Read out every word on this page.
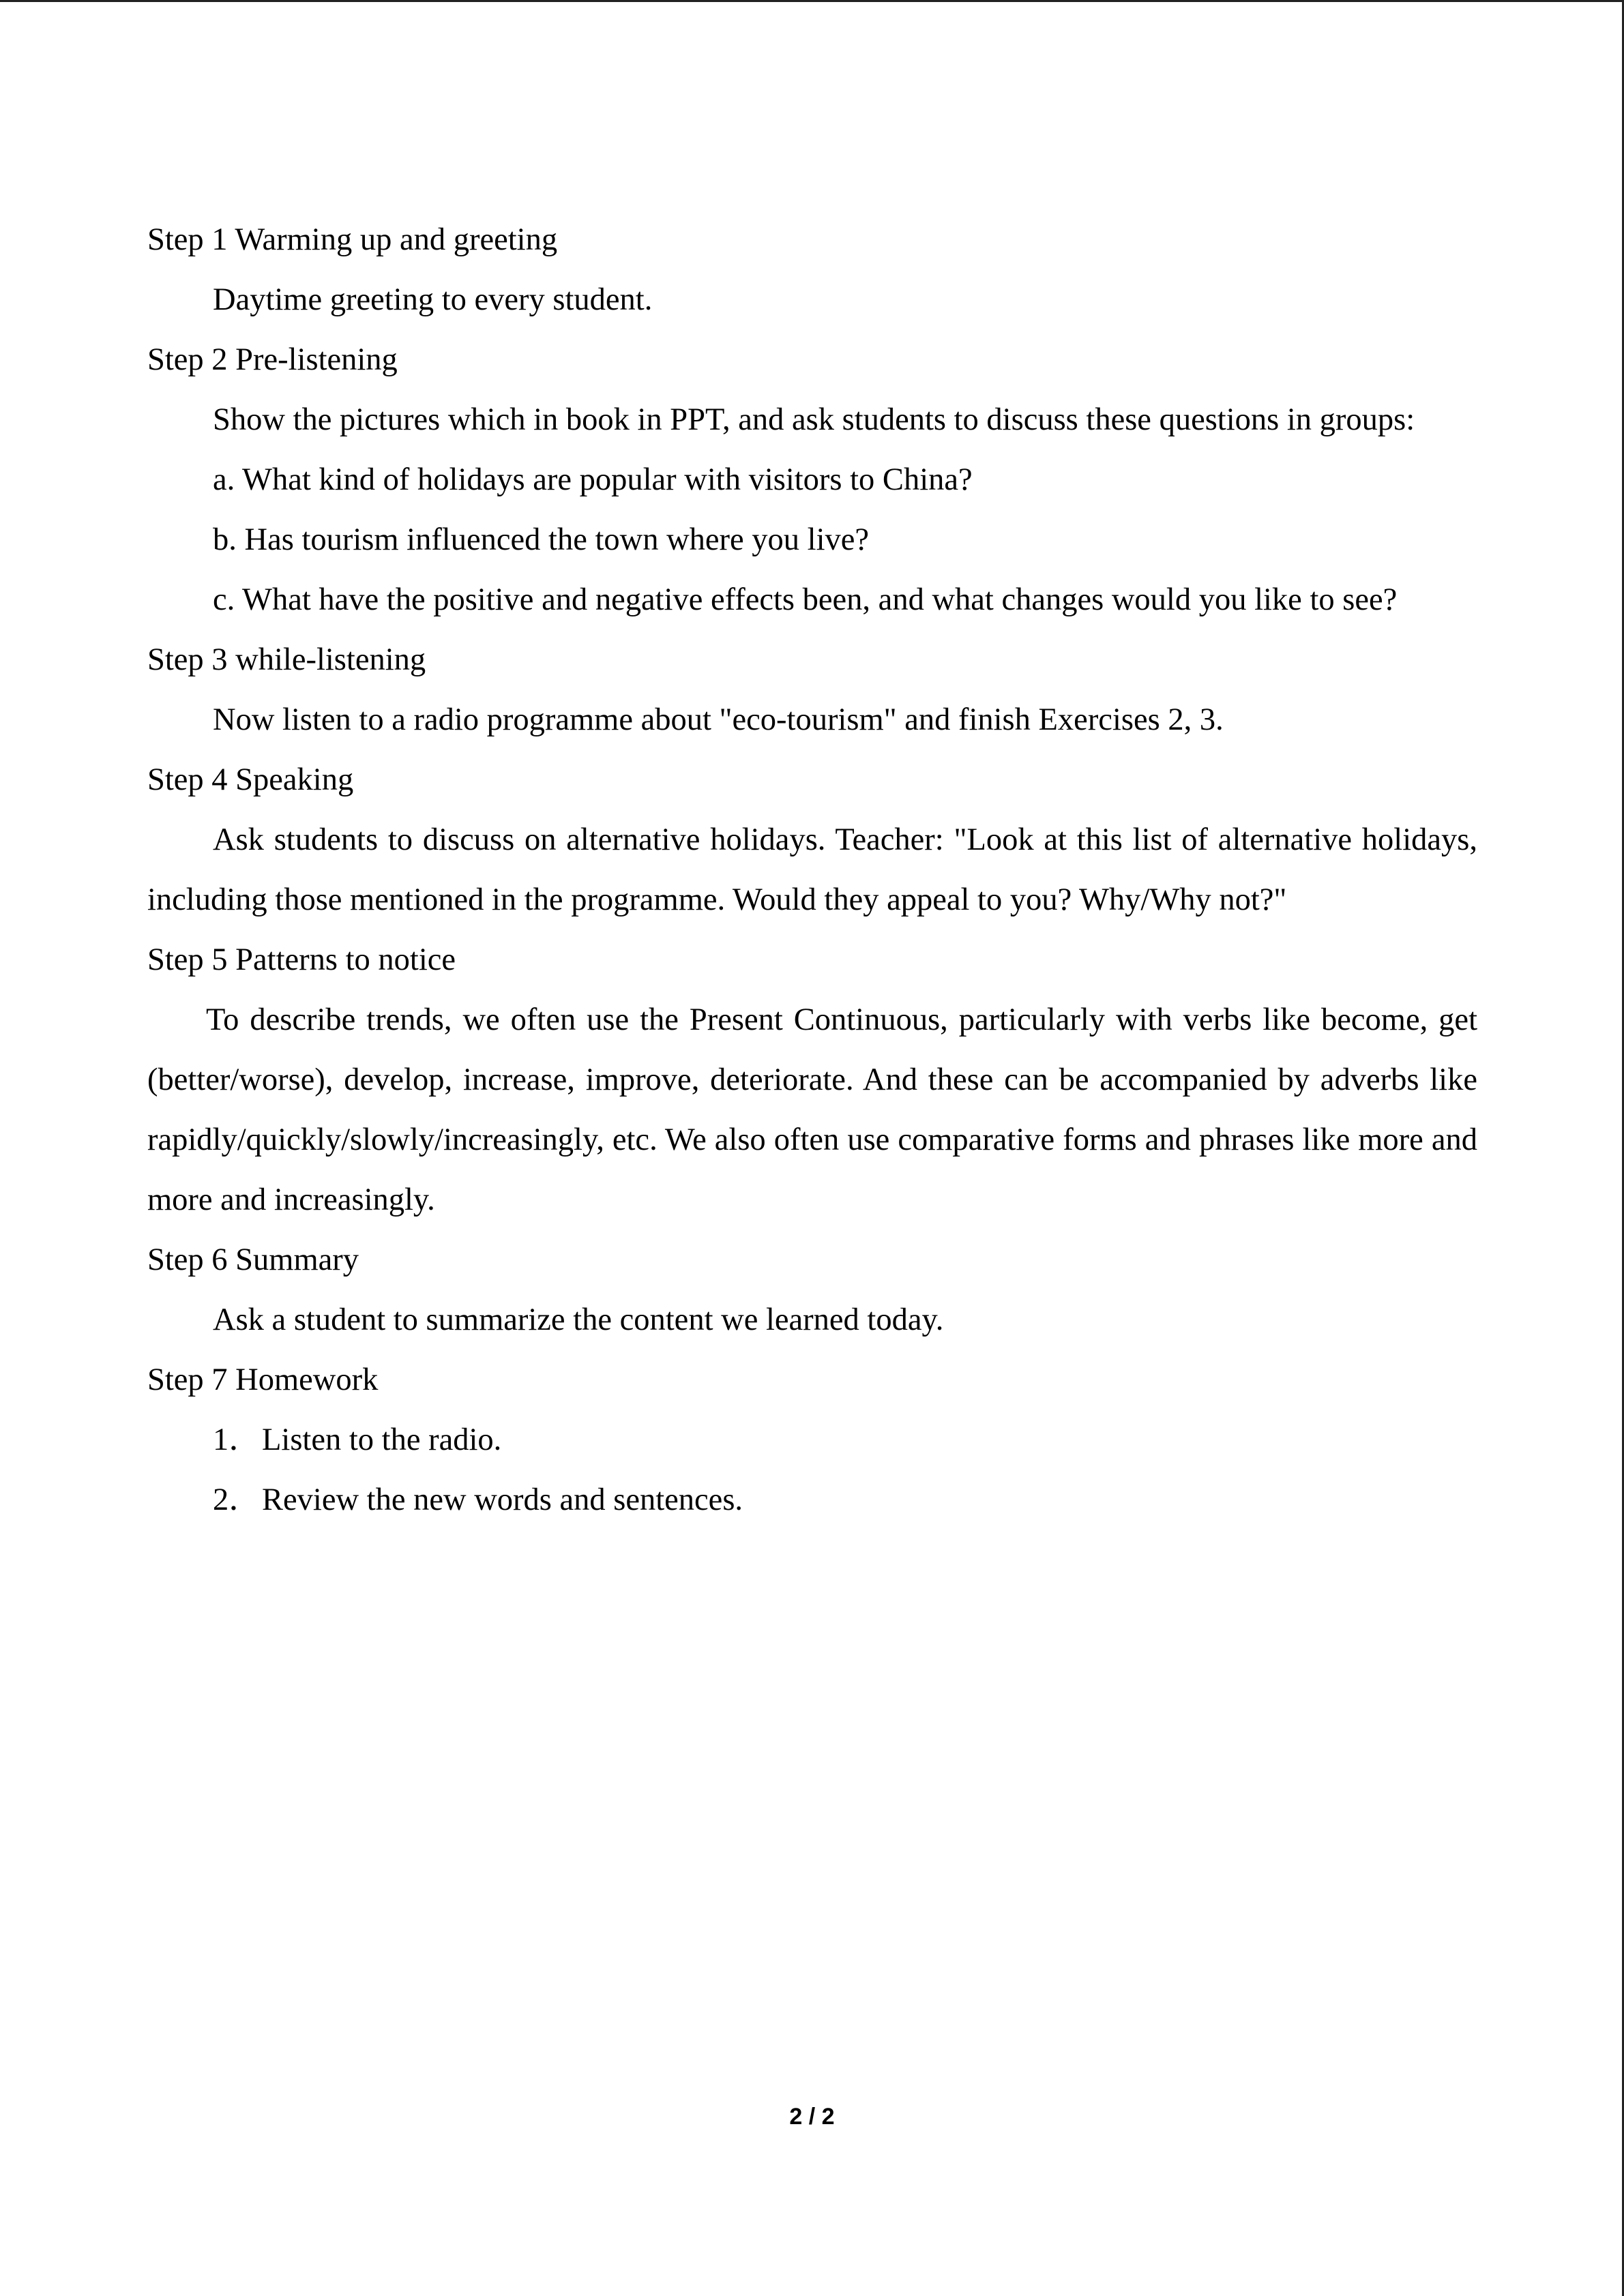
Step 1 Warming up and greeting
Daytime greeting to every student.
Step 2 Pre-listening
Show the pictures which in book in PPT, and ask students to discuss these questions in groups:
a. What kind of holidays are popular with visitors to China?
b. Has tourism influenced the town where you live?
c. What have the positive and negative effects been, and what changes would you like to see?
Step 3 while-listening
Now listen to a radio programme about "eco-tourism" and finish Exercises 2, 3.
Step 4 Speaking
Ask students to discuss on alternative holidays. Teacher: "Look at this list of alternative holidays, including those mentioned in the programme. Would they appeal to you? Why/Why not?"
Step 5 Patterns to notice
To describe trends, we often use the Present Continuous, particularly with verbs like become, get (better/worse), develop, increase, improve, deteriorate. And these can be accompanied by adverbs like rapidly/quickly/slowly/increasingly, etc. We also often use comparative forms and phrases like more and more and increasingly.
Step 6 Summary
Ask a student to summarize the content we learned today.
Step 7 Homework
1．Listen to the radio.
2．Review the new words and sentences.
2 / 2
